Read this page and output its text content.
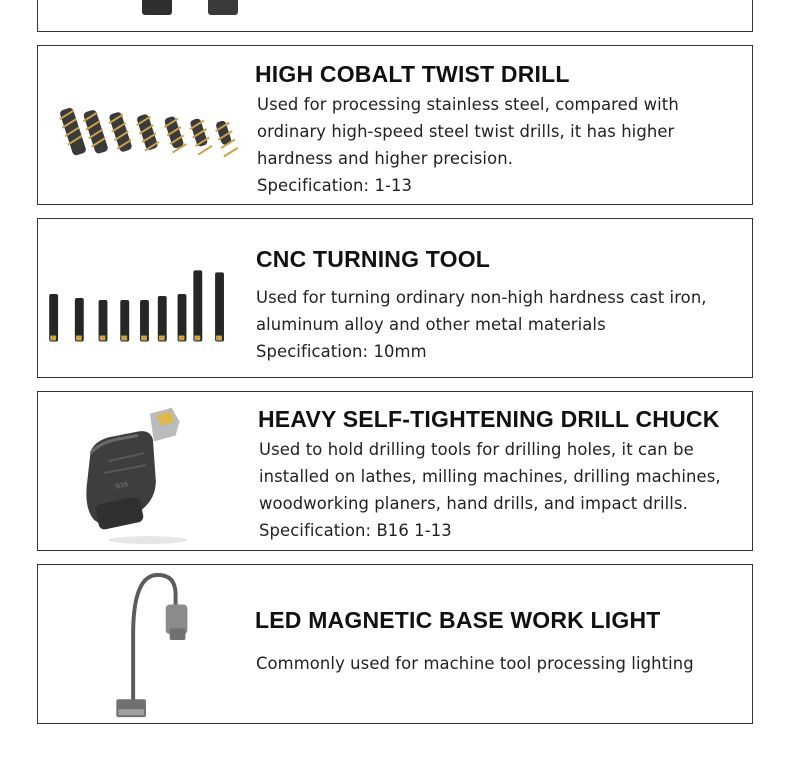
HIGH COBALT TWIST DRILL
Used for processing stainless steel, compared with
ordinary high-speed steel twist drills, it has higher
hardness and higher precision.
Specification: 1-13
CNC TURNING TOOL
Used for turning ordinary non-high hardness cast iron,
aluminum alloy and other metal materials
Specification: 10mm
B16
HEAVY SELF-TIGHTENING DRILL CHUCK
Used to hold drilling tools for drilling holes, it can be
installed on lathes, milling machines, drilling machines,
woodworking planers, hand drills, and impact drills.
Specification: B16 1-13
LED MAGNETIC BASE WORK LIGHT
Commonly used for machine tool processing lighting
